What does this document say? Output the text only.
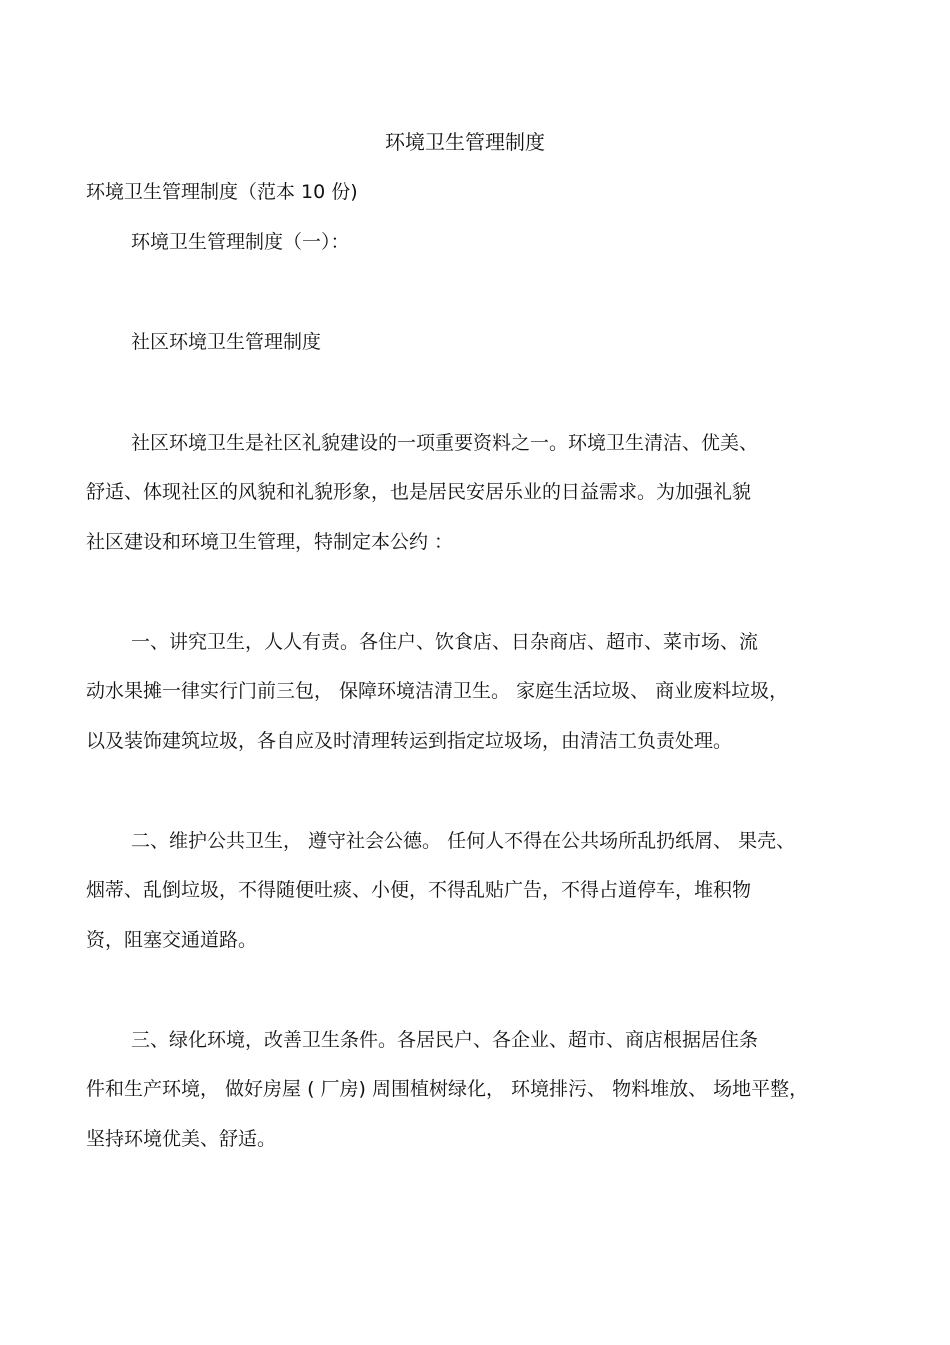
环境卫生管理制度
环境卫生管理制度（范本 10 份)
环境卫生管理制度（一）：
社区环境卫生管理制度
社区环境卫生是社区礼貌建设的一项重要资料之一。环境卫生清洁、优美、
舒适、体现社区的风貌和礼貌形象，也是居民安居乐业的日益需求。为加强礼貌
社区建设和环境卫生管理，特制定本公约 ：
一、讲究卫生，人人有责。各住户、饮食店、日杂商店、超市、菜市场、流
动水果摊一律实行门前三包， 保障环境洁清卫生。 家庭生活垃圾、 商业废料垃圾，
以及装饰建筑垃圾，各自应及时清理转运到指定垃圾场，由清洁工负责处理。
二、维护公共卫生， 遵守社会公德。 任何人不得在公共场所乱扔纸屑、 果壳、
烟蒂、乱倒垃圾，不得随便吐痰、小便，不得乱贴广告，不得占道停车，堆积物
资，阻塞交通道路。
三、绿化环境，改善卫生条件。各居民户、各企业、超市、商店根据居住条
件和生产环境， 做好房屋 ( 厂房) 周围植树绿化， 环境排污、 物料堆放、 场地平整，
坚持环境优美、舒适。
